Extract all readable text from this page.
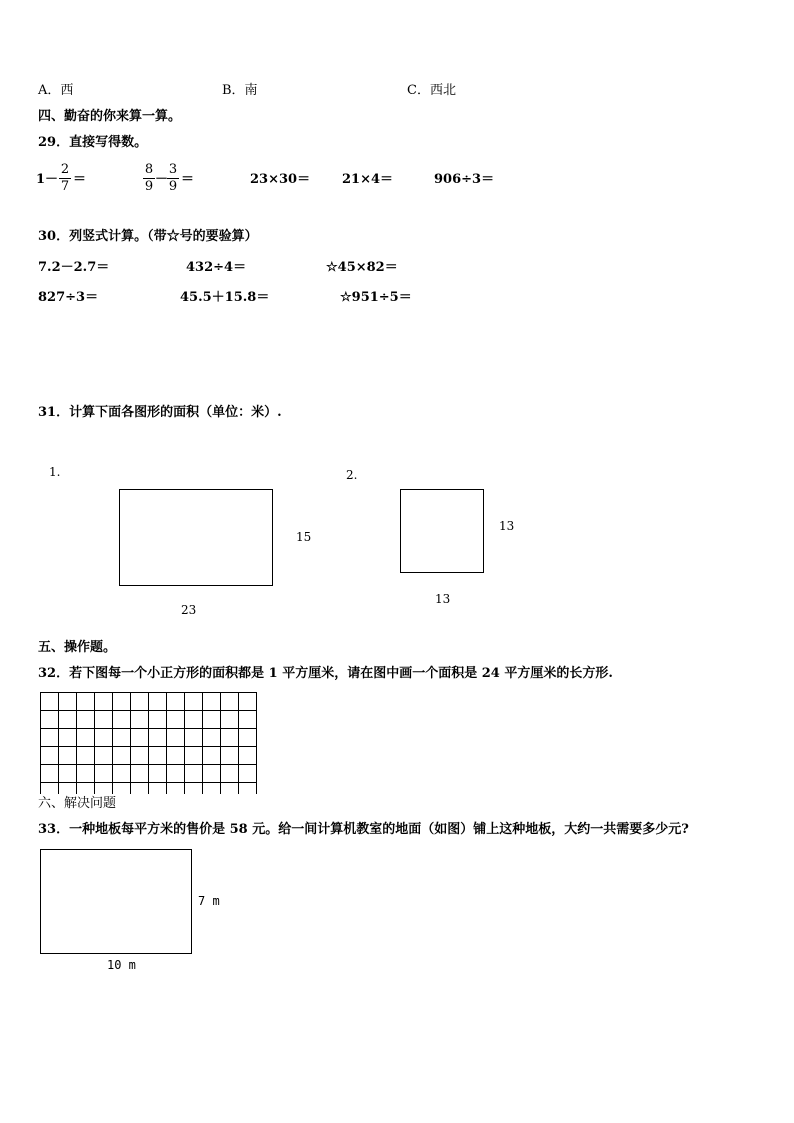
A．西	B．南	C．西北
四、勤奋的你来算一算。
29．直接写得数。
$1- \frac{2}{7}$ ＝	$\frac{8}{9}$ －
$\frac{3}{9}$ ＝	23×30＝ 21×4＝	906÷3＝
30．列竖式计算。（带☆号的要验算）
7.2－2.7＝	432÷4＝	☆45×82＝
827÷3＝	45.5＋15.8＝	☆951÷5＝
31．计算下面各图形的面积（单位：米）.
1.
15
23
2.
13
13
五、操作题。
32．若下图每一个小正方形的面积都是 1 平方厘米，请在图中画一个面积是 24 平方厘米的长方形.
六、解决问题
33．一种地板每平方米的售价是 58 元。给一间计算机教室的地面（如图）铺上这种地板，大约一共需要多少元?
7 m
10 m
